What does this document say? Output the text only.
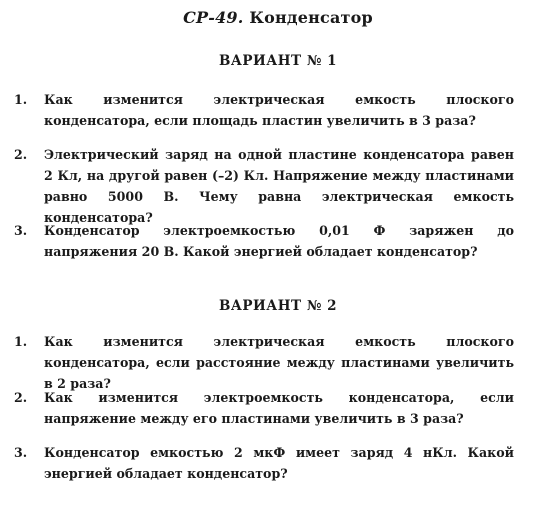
СР-49. Конденсатор
ВАРИАНТ № 1
1.	Как изменится электрическая емкость плоского конденсатора, если площадь пластин увеличить в 3 раза?
2.	Электрический заряд на одной пластине конденсатора равен 2 Кл, на другой равен (–2) Кл. Напряжение между пластинами равно 5000 В. Чему равна электрическая емкость конденсатора?
3.	Конденсатор электроемкостью 0,01 Ф заряжен до напряжения 20 В. Какой энергией обладает конденсатор?
ВАРИАНТ № 2
1.	Как изменится электрическая емкость плоского конденсатора, если расстояние между пластинами увеличить в 2 раза?
2.	Как изменится электроемкость конденсатора, если напряжение между его пластинами увеличить в 3 раза?
3.	Конденсатор емкостью 2 мкФ имеет заряд 4 нКл. Какой энергией обладает конденсатор?
